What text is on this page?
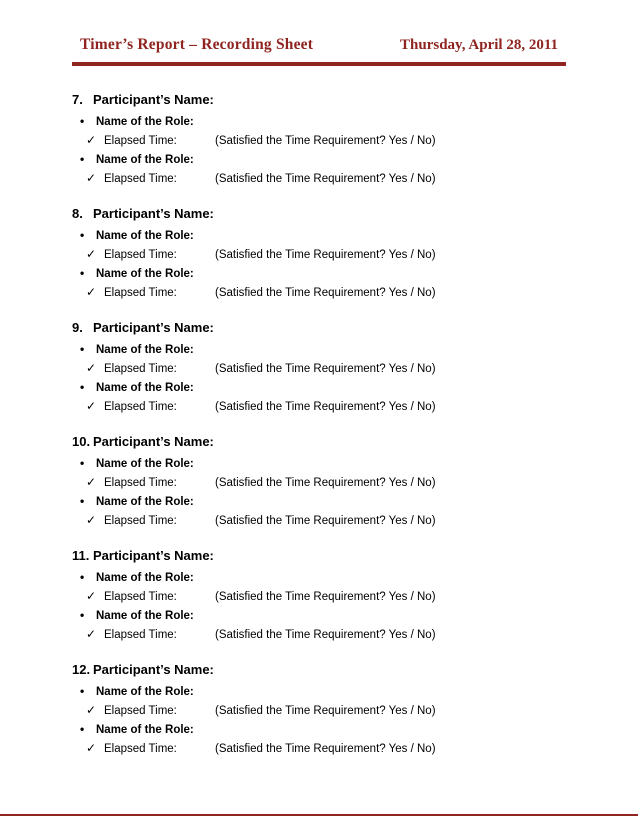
Timer’s Report – Recording Sheet	Thursday, April 28, 2011
7. Participant’s Name:
•	Name of the Role:
✓ Elapsed Time:	(Satisfied the Time Requirement? Yes / No)
•	Name of the Role:
✓ Elapsed Time:	(Satisfied the Time Requirement? Yes / No)
8. Participant’s Name:
•	Name of the Role:
✓ Elapsed Time:	(Satisfied the Time Requirement? Yes / No)
•	Name of the Role:
✓ Elapsed Time:	(Satisfied the Time Requirement? Yes / No)
9. Participant’s Name:
•	Name of the Role:
✓ Elapsed Time:	(Satisfied the Time Requirement? Yes / No)
•	Name of the Role:
✓ Elapsed Time:	(Satisfied the Time Requirement? Yes / No)
10. Participant’s Name:
•	Name of the Role:
✓ Elapsed Time:	(Satisfied the Time Requirement? Yes / No)
•	Name of the Role:
✓ Elapsed Time:	(Satisfied the Time Requirement? Yes / No)
11. Participant’s Name:
•	Name of the Role:
✓ Elapsed Time:	(Satisfied the Time Requirement? Yes / No)
•	Name of the Role:
✓ Elapsed Time:	(Satisfied the Time Requirement? Yes / No)
12. Participant’s Name:
•	Name of the Role:
✓ Elapsed Time:	(Satisfied the Time Requirement? Yes / No)
•	Name of the Role:
✓ Elapsed Time:	(Satisfied the Time Requirement? Yes / No)
